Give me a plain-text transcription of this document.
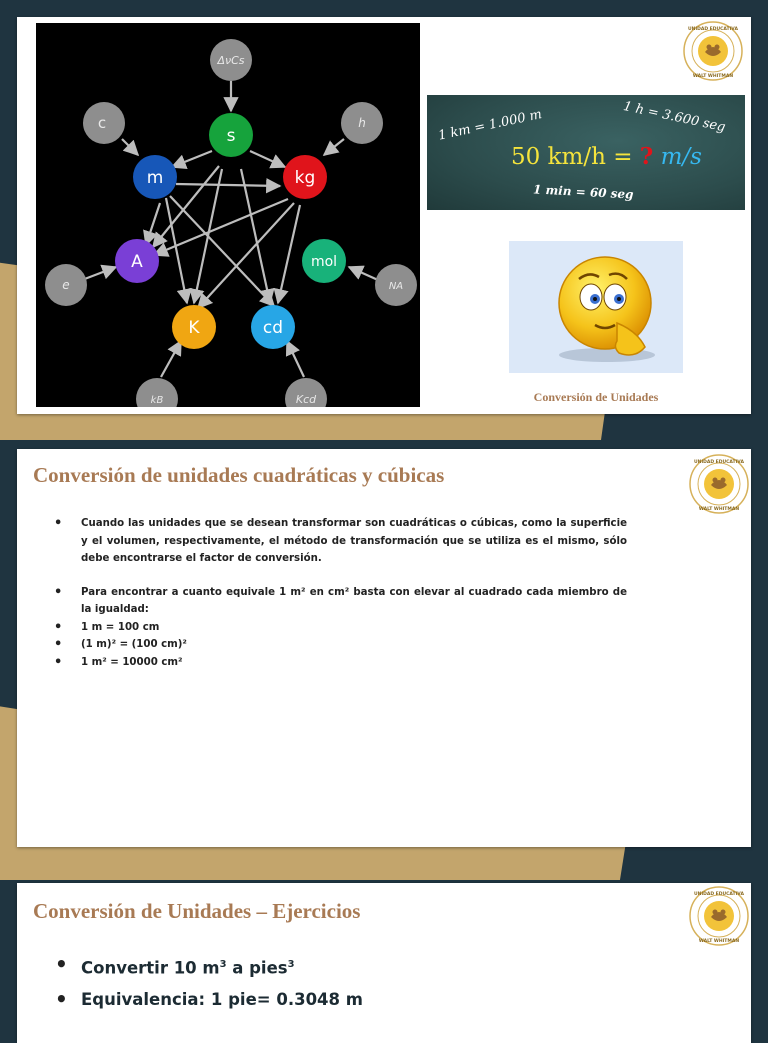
ΔνCs
c	h
e	NA
kB	Kcd
s
m	kg
A	mol
K	cd
UNIDAD EDUCATIVA
WALT WHITMAN
1 km = 1.000 m	1 h = 3.600 seg
50 km/h = ? m/s
1 min = 60 seg
Conversión de Unidades
Conversión de unidades cuadráticas y cúbicas
UNIDAD EDUCATIVA
WALT WHITMAN
• Cuando las unidades que se desean transformar son cuadráticas o cúbicas, como la superficie y el volumen, respectivamente, el método de transformación que se utiliza es el mismo, sólo debe encontrarse el factor de conversión.
• Para encontrar a cuanto equivale 1 m² en cm² basta con elevar al cuadrado cada miembro de la igualdad:
• 1 m = 100 cm
• (1 m)² = (100 cm)²
• 1 m² = 10000 cm²
Conversión de Unidades – Ejercicios
UNIDAD EDUCATIVA
WALT WHITMAN
• Convertir 10 $m^3$ a pies$^3$
• Equivalencia: 1 pie= 0.3048 m
